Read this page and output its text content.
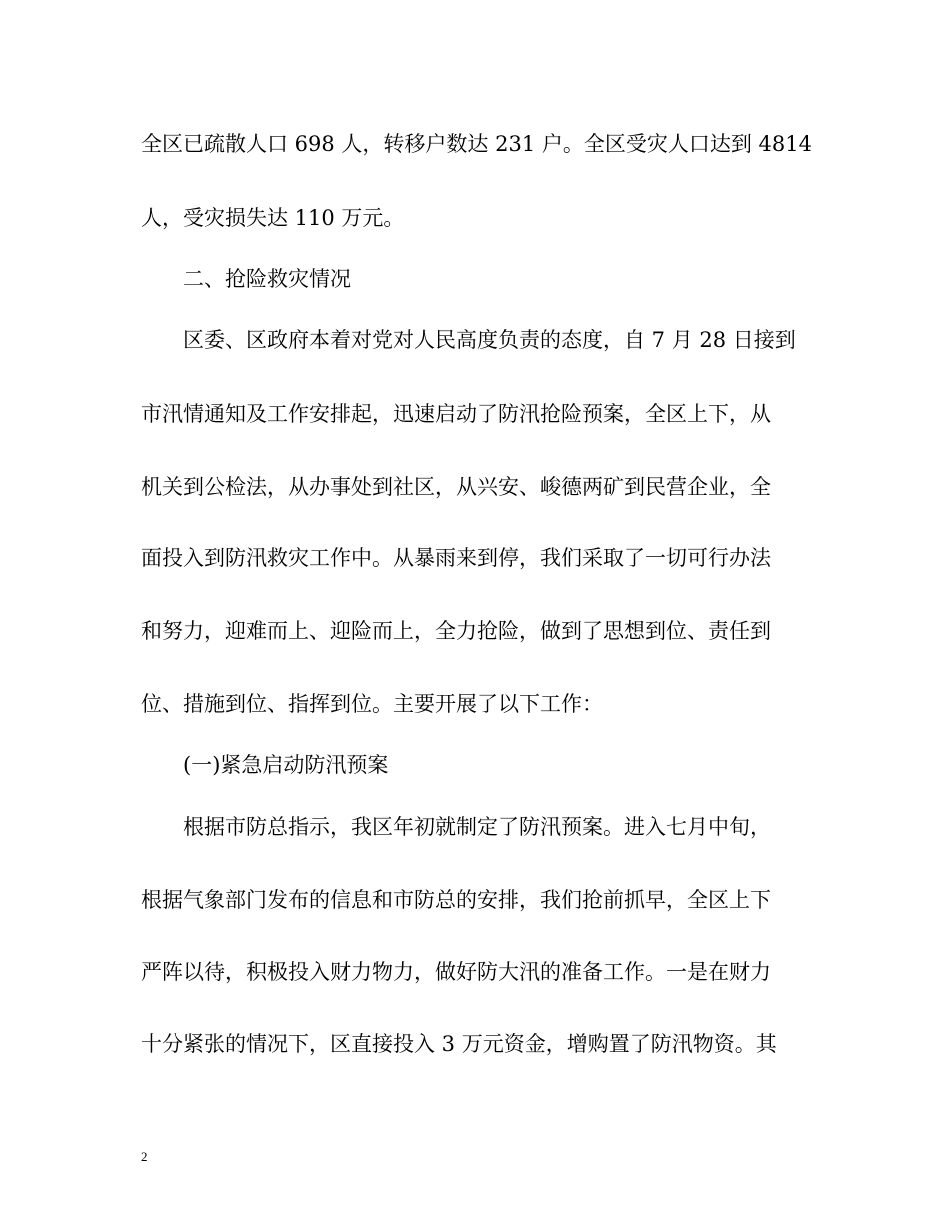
全区已疏散人口 698 人，转移户数达 231 户。全区受灾人口达到 4814
人，受灾损失达 110 万元。
二、抢险救灾情况
区委、区政府本着对党对人民高度负责的态度，自 7 月 28 日接到
市汛情通知及工作安排起，迅速启动了防汛抢险预案，全区上下，从
机关到公检法，从办事处到社区，从兴安、峻德两矿到民营企业，全
面投入到防汛救灾工作中。从暴雨来到停，我们采取了一切可行办法
和努力，迎难而上、迎险而上，全力抢险，做到了思想到位、责任到
位、措施到位、指挥到位。主要开展了以下工作：
(一)紧急启动防汛预案
根据市防总指示，我区年初就制定了防汛预案。进入七月中旬，
根据气象部门发布的信息和市防总的安排，我们抢前抓早，全区上下
严阵以待，积极投入财力物力，做好防大汛的准备工作。一是在财力
十分紧张的情况下，区直接投入 3 万元资金，增购置了防汛物资。其
2
